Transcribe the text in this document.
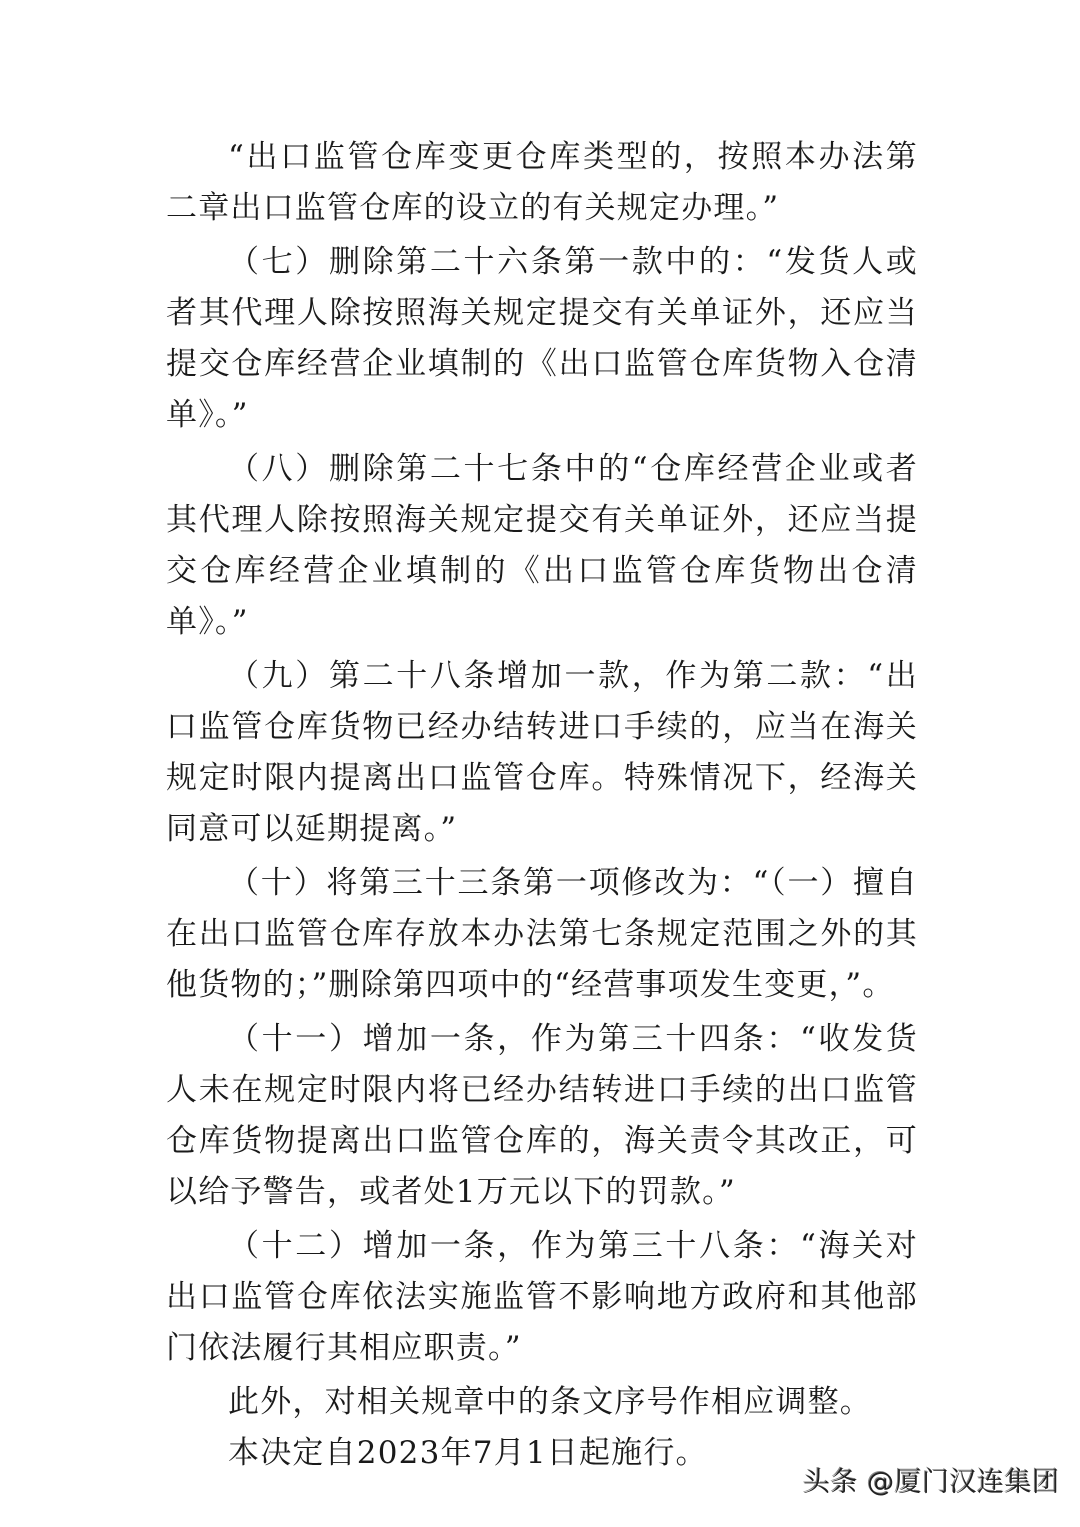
“出口监管仓库变更仓库类型的，按照本办法第二章出口监管仓库的设立的有关规定办理。”

（七）删除第二十六条第一款中的：“发货人或者其代理人除按照海关规定提交有关单证外，还应当提交仓库经营企业填制的《出口监管仓库货物入仓清单》。”

（八）删除第二十七条中的“仓库经营企业或者其代理人除按照海关规定提交有关单证外，还应当提交仓库经营企业填制的《出口监管仓库货物出仓清单》。”

（九）第二十八条增加一款，作为第二款：“出口监管仓库货物已经办结转进口手续的，应当在海关规定时限内提离出口监管仓库。特殊情况下，经海关同意可以延期提离。”

（十）将第三十三条第一项修改为：“（一）擅自在出口监管仓库存放本办法第七条规定范围之外的其他货物的；”删除第四项中的“经营事项发生变更，”。

（十一）增加一条，作为第三十四条：“收发货人未在规定时限内将已经办结转进口手续的出口监管仓库货物提离出口监管仓库的，海关责令其改正，可以给予警告，或者处1万元以下的罚款。”

（十二）增加一条，作为第三十八条：“海关对出口监管仓库依法实施监管不影响地方政府和其他部门依法履行其相应职责。”

此外，对相关规章中的条文序号作相应调整。

本决定自2023年7月1日起施行。

头条 @厦门汉连集团
